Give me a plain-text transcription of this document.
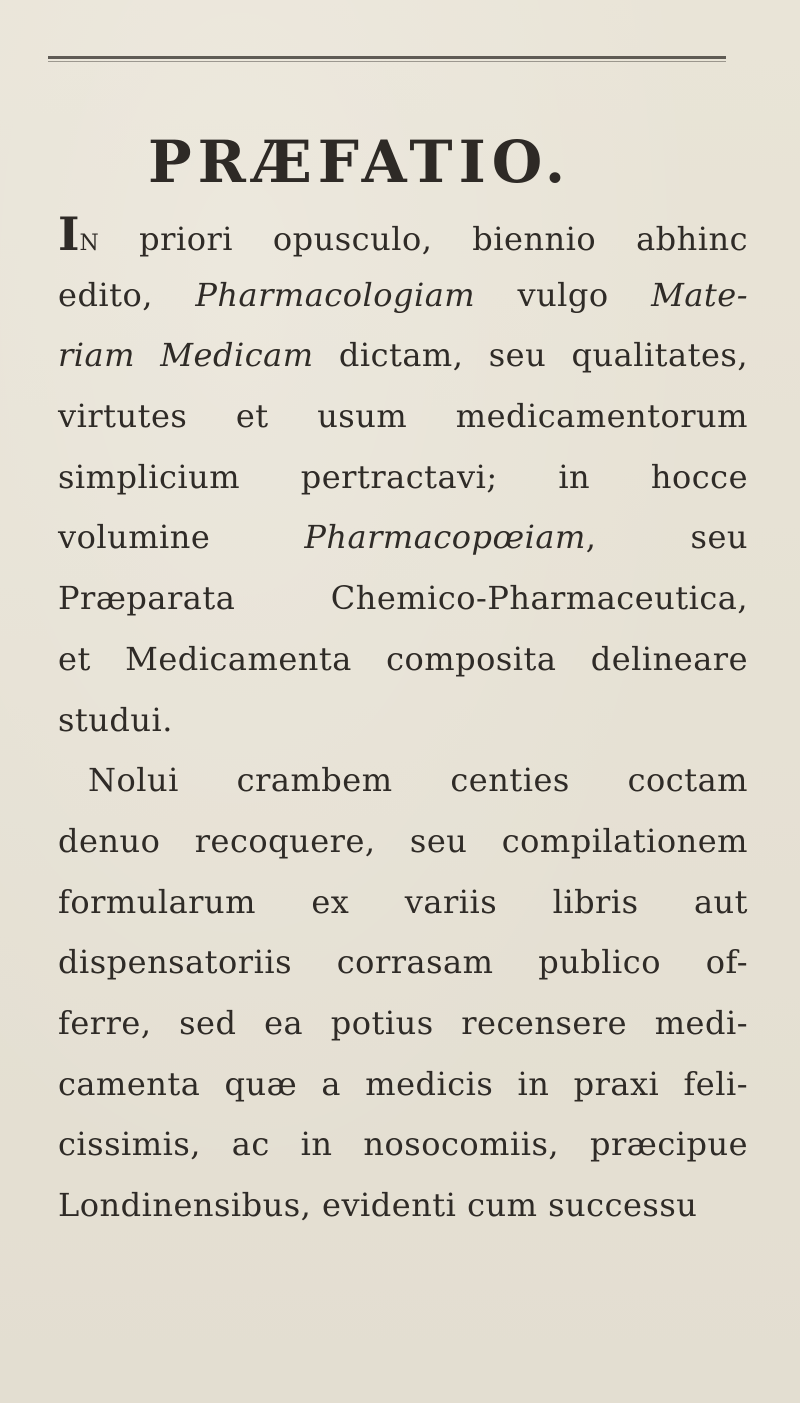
PRÆFATIO.
IN priori opusculo, biennio abhinc
edito, Pharmacologiam vulgo Mate-
riam Medicam dictam, seu qualitates,
virtutes et usum medicamentorum
simplicium pertractavi; in hocce
volumine Pharmacopœiam, seu
Præparata Chemico-Pharmaceutica,
et Medicamenta composita delineare
studui.
Nolui crambem centies coctam
denuo recoquere, seu compilationem
formularum ex variis libris aut
dispensatoriis corrasam publico of-
ferre, sed ea potius recensere medi-
camenta quæ a medicis in praxi feli-
cissimis, ac in nosocomiis, præcipue
Londinensibus, evidenti cum successu
